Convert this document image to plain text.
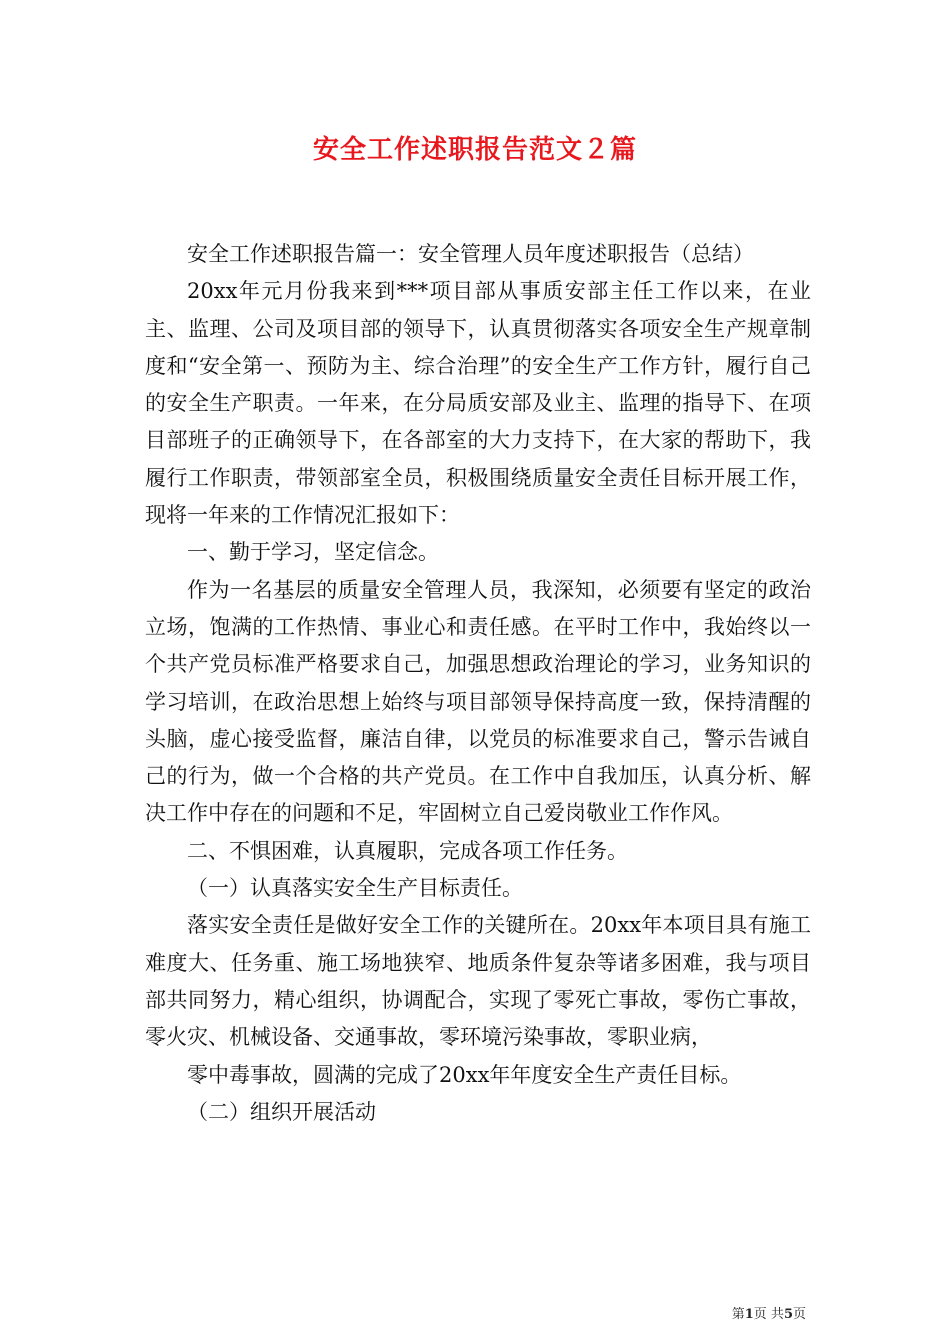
安全工作述职报告范文２篇

安全工作述职报告篇一：安全管理人员年度述职报告（总结）

20xx年元月份我来到***项目部从事质安部主任工作以来，在业主、监理、公司及项目部的领导下，认真贯彻落实各项安全生产规章制度和“安全第一、预防为主、综合治理”的安全生产工作方针，履行自己的安全生产职责。一年来，在分局质安部及业主、监理的指导下、在项目部班子的正确领导下，在各部室的大力支持下，在大家的帮助下，我履行工作职责，带领部室全员，积极围绕质量安全责任目标开展工作，现将一年来的工作情况汇报如下：

一、勤于学习，坚定信念。

作为一名基层的质量安全管理人员，我深知，必须要有坚定的政治立场，饱满的工作热情、事业心和责任感。在平时工作中，我始终以一个共产党员标准严格要求自己，加强思想政治理论的学习，业务知识的学习培训，在政治思想上始终与项目部领导保持高度一致，保持清醒的头脑，虚心接受监督，廉洁自律，以党员的标准要求自己，警示告诫自己的行为，做一个合格的共产党员。在工作中自我加压，认真分析、解决工作中存在的问题和不足，牢固树立自己爱岗敬业工作作风。

二、不惧困难，认真履职，完成各项工作任务。

（一）认真落实安全生产目标责任。

落实安全责任是做好安全工作的关键所在。20xx年本项目具有施工难度大、任务重、施工场地狭窄、地质条件复杂等诸多困难，我与项目部共同努力，精心组织，协调配合，实现了零死亡事故，零伤亡事故，零火灾、机械设备、交通事故，零环境污染事故，零职业病，

零中毒事故，圆满的完成了20xx年年度安全生产责任目标。

（二）组织开展活动

第1页 共5页
